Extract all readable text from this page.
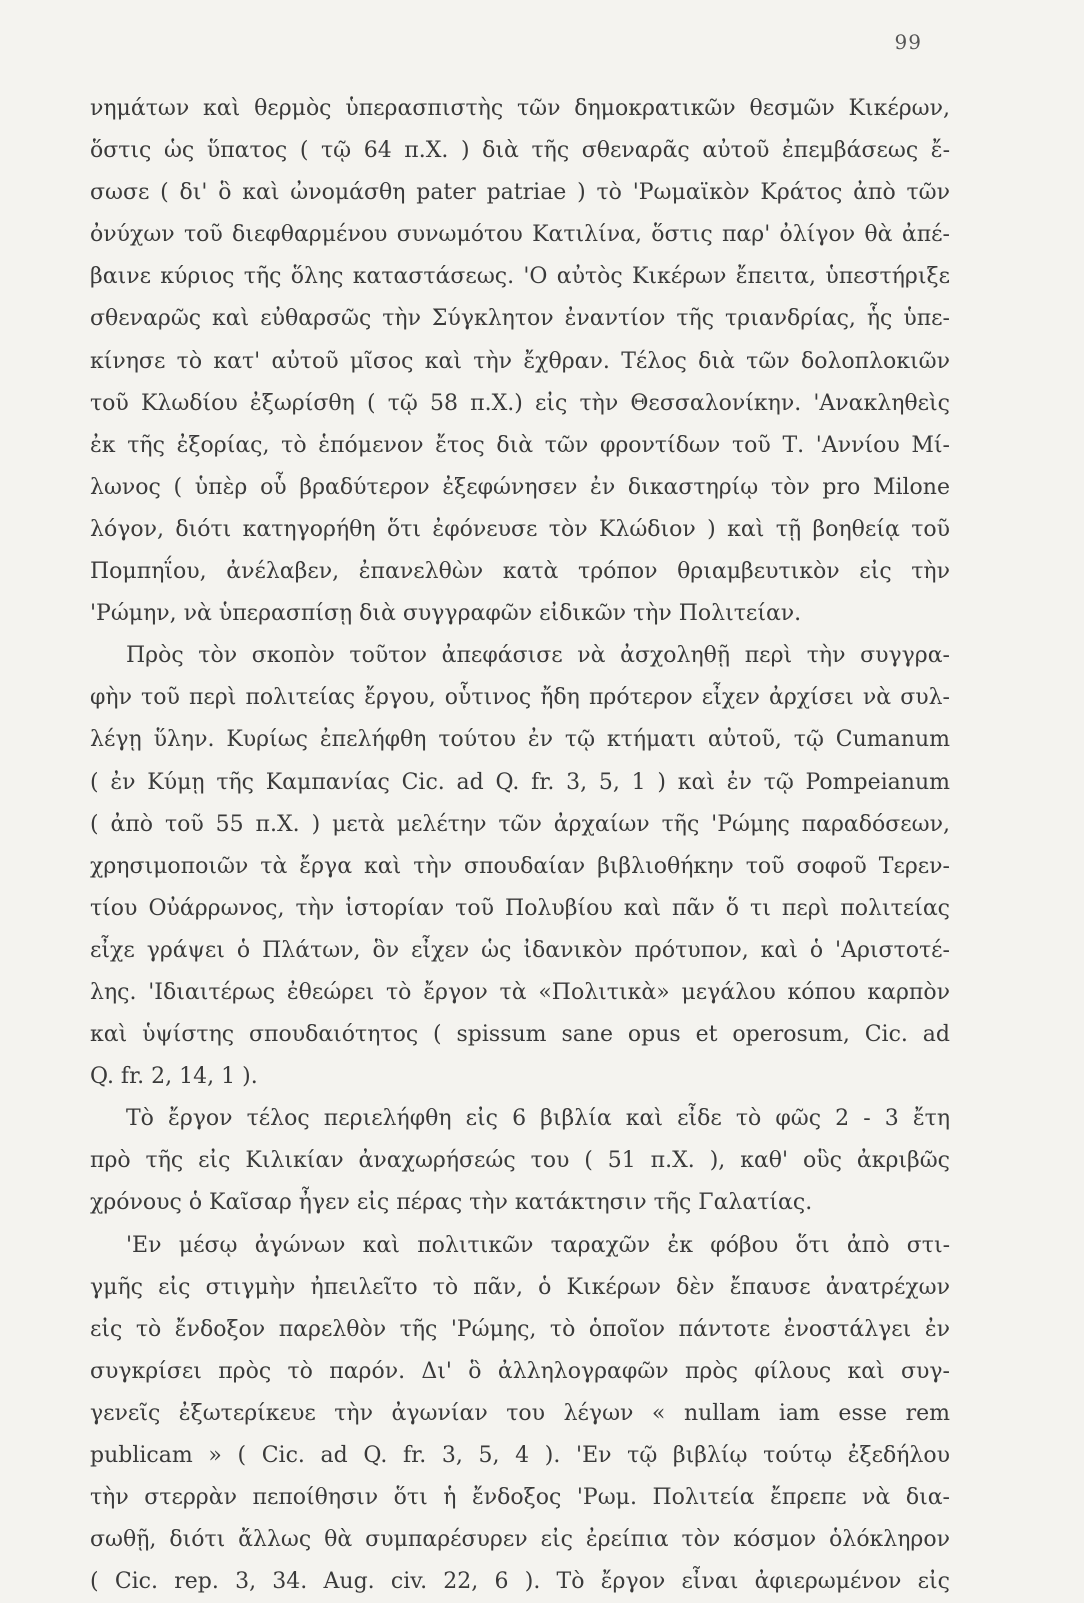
99
νημάτων καὶ θερμὸς ὑπερασπιστὴς τῶν δημοκρατικῶν θεσμῶν Κικέρων,
ὅστις ὡς ὕπατος ( τῷ 64 π.Χ. ) διὰ τῆς σθεναρᾶς αὐτοῦ ἐπεμβάσεως ἔ-
σωσε ( δι' ὃ καὶ ὠνομάσθη pater patriae ) τὸ 'Ρωμαϊκὸν Κράτος ἀπὸ τῶν
ὀνύχων τοῦ διεφθαρμένου συνωμότου Κατιλίνα, ὅστις παρ' ὀλίγον θὰ ἀπέ-
βαινε κύριος τῆς ὅλης καταστάσεως. 'Ο αὐτὸς Κικέρων ἔπειτα, ὑπεστήριξε
σθεναρῶς καὶ εὐθαρσῶς τὴν Σύγκλητον ἐναντίον τῆς τριανδρίας, ἧς ὑπε-
κίνησε τὸ κατ' αὐτοῦ μῖσος καὶ τὴν ἔχθραν. Τέλος διὰ τῶν δολοπλοκιῶν
τοῦ Κλωδίου ἐξωρίσθη ( τῷ 58 π.Χ.) εἰς τὴν Θεσσαλονίκην. 'Ανακληθεὶς
ἐκ τῆς ἐξορίας, τὸ ἑπόμενον ἔτος διὰ τῶν φροντίδων τοῦ Τ. 'Αννίου Μί-
λωνος ( ὑπὲρ οὗ βραδύτερον ἐξεφώνησεν ἐν δικαστηρίῳ τὸν pro Milone
λόγον, διότι κατηγορήθη ὅτι ἐφόνευσε τὸν Κλώδιον ) καὶ τῇ βοηθείᾳ τοῦ
Πομπηΐου, ἀνέλαβεν, ἐπανελθὼν κατὰ τρόπον θριαμβευτικὸν εἰς τὴν
'Ρώμην, νὰ ὑπερασπίσῃ διὰ συγγραφῶν εἰδικῶν τὴν Πολιτείαν.
Πρὸς τὸν σκοπὸν τοῦτον ἀπεφάσισε νὰ ἀσχοληθῇ περὶ τὴν συγγρα-
φὴν τοῦ περὶ πολιτείας ἔργου, οὗτινος ἤδη πρότερον εἶχεν ἀρχίσει νὰ συλ-
λέγῃ ὕλην. Κυρίως ἐπελήφθη τούτου ἐν τῷ κτήματι αὐτοῦ, τῷ Cumanum
( ἐν Κύμῃ τῆς Καμπανίας Cic. ad Q. fr. 3, 5, 1 ) καὶ ἐν τῷ Pompeianum
( ἀπὸ τοῦ 55 π.Χ. ) μετὰ μελέτην τῶν ἀρχαίων τῆς 'Ρώμης παραδόσεων,
χρησιμοποιῶν τὰ ἔργα καὶ τὴν σπουδαίαν βιβλιοθήκην τοῦ σοφοῦ Τερεν-
τίου Οὐάρρωνος, τὴν ἱστορίαν τοῦ Πολυβίου καὶ πᾶν ὅ τι περὶ πολιτείας
εἶχε γράψει ὁ Πλάτων, ὃν εἶχεν ὡς ἰδανικὸν πρότυπον, καὶ ὁ 'Αριστοτέ-
λης. 'Ιδιαιτέρως ἐθεώρει τὸ ἔργον τὰ «Πολιτικὰ» μεγάλου κόπου καρπὸν
καὶ ὑψίστης σπουδαιότητος ( spissum sane opus et operosum, Cic. ad
Q. fr. 2, 14, 1 ).
Τὸ ἔργον τέλος περιελήφθη εἰς 6 βιβλία καὶ εἶδε τὸ φῶς 2 - 3 ἔτη
πρὸ τῆς εἰς Κιλικίαν ἀναχωρήσεώς του ( 51 π.Χ. ), καθ' οὓς ἀκριβῶς
χρόνους ὁ Καῖσαρ ἦγεν εἰς πέρας τὴν κατάκτησιν τῆς Γαλατίας.
'Εν μέσῳ ἀγώνων καὶ πολιτικῶν ταραχῶν ἐκ φόβου ὅτι ἀπὸ στι-
γμῆς εἰς στιγμὴν ἠπειλεῖτο τὸ πᾶν, ὁ Κικέρων δὲν ἔπαυσε ἀνατρέχων
εἰς τὸ ἔνδοξον παρελθὸν τῆς 'Ρώμης, τὸ ὁποῖον πάντοτε ἐνοστάλγει ἐν
συγκρίσει πρὸς τὸ παρόν. Δι' ὃ ἀλληλογραφῶν πρὸς φίλους καὶ συγ-
γενεῖς ἐξωτερίκευε τὴν ἀγωνίαν του λέγων « nullam iam esse rem
publicam » ( Cic. ad Q. fr. 3, 5, 4 ). 'Εν τῷ βιβλίῳ τούτῳ ἐξεδήλου
τὴν στερρὰν πεποίθησιν ὅτι ἡ ἔνδοξος 'Ρωμ. Πολιτεία ἔπρεπε νὰ δια-
σωθῇ, διότι ἄλλως θὰ συμπαρέσυρεν εἰς ἐρείπια τὸν κόσμον ὁλόκληρον
( Cic. rep. 3, 34. Aug. civ. 22, 6 ). Τὸ ἔργον εἶναι ἀφιερωμένον εἰς
